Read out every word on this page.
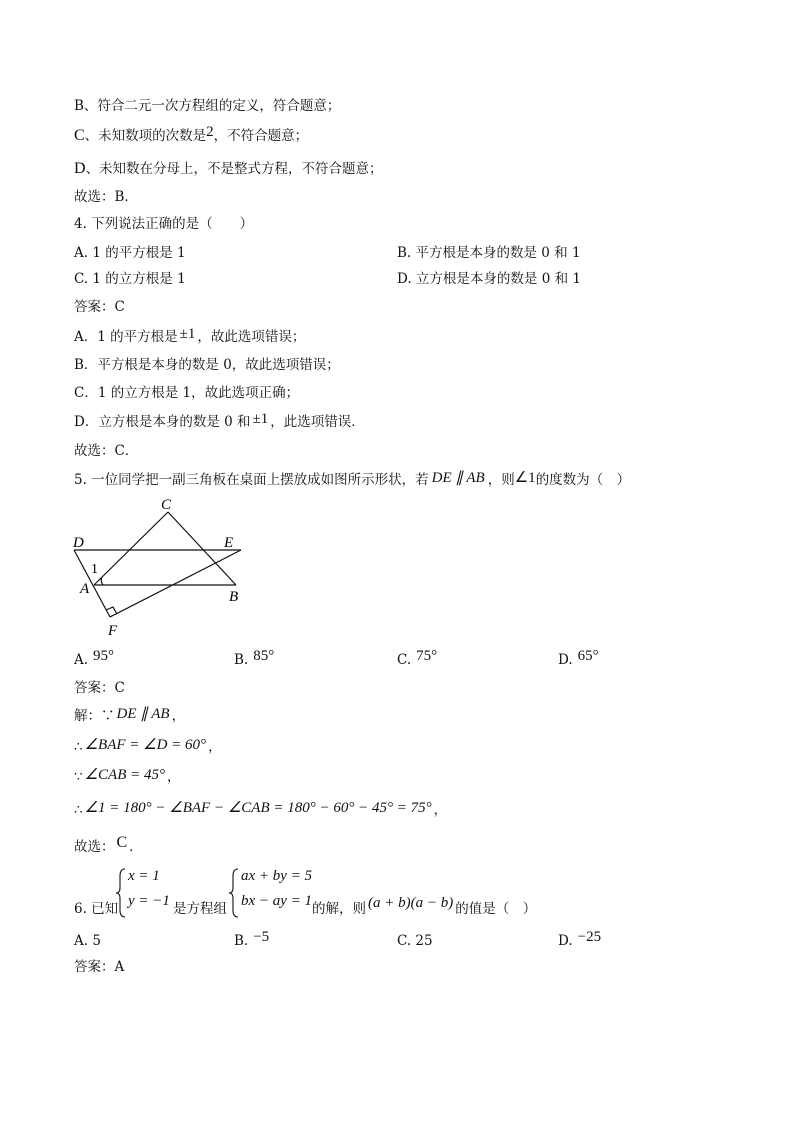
B、符合二元一次方程组的定义，符合题意；
C、未知数项的次数是2，不符合题意；
D、未知数在分母上，不是整式方程，不符合题意；
故选：B．
4. 下列说法正确的是（　　）
A. 1 的平方根是 1	B. 平方根是本身的数是 0 和 1
C. 1 的立方根是 1	D. 立方根是本身的数是 0 和 1
答案：C
A．1 的平方根是 ±1 ，故此选项错误；
B．平方根是本身的数是 0，故此选项错误；
C．1 的立方根是 1，故此选项正确；
D．立方根是本身的数是 0 和 ±1 ，此选项错误．
故选：C．
5. 一位同学把一副三角板在桌面上摆放成如图所示形状，若 DE ∥ AB ，则∠1的度数为（　）
C
D	E
1
A	B
F
A. 95°	B. 85°	C. 75°	D. 65°
答案：C
解：∵ DE ∥ AB ，
∴ ∠BAF = ∠D = 60° ，
∵ ∠CAB = 45° ，
∴ ∠1 = 180° − ∠BAF − ∠CAB = 180° − 60° − 45° = 75° ，
故选： C ．
6. 已知
x = 1
y = −1 是方程组
ax + by = 5
bx − ay = 1 的解，则 (a + b)(a − b) 的值是（　）
A. 5	B. −5	C. 25	D. −25
答案：A
